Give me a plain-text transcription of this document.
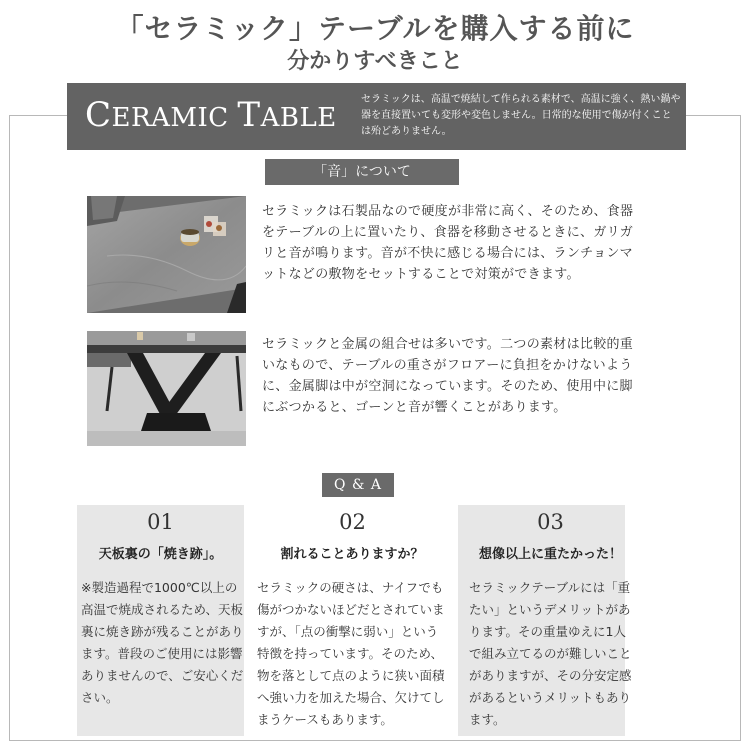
「セラミック」テーブルを購入する前に
分かりすべきこと
CERAMIC TABLE
セラミックは、高温で焼結して作られる素材で、高温に強く、熱い鍋や器を直接置いても変形や変色しません。日常的な使用で傷が付くことは殆どありません。
「音」について
セラミックは石製品なので硬度が非常に高く、そのため、食器をテーブルの上に置いたり、食器を移動させるときに、ガリガリと音が鳴ります。音が不快に感じる場合には、ランチョンマットなどの敷物をセットすることで対策ができます。
セラミックと金属の組合せは多いです。二つの素材は比較的重いなもので、テーブルの重さがフロアーに負担をかけないように、金属脚は中が空洞になっています。そのため、使用中に脚にぶつかると、ゴーンと音が響くことがあります。
Q & A
01
天板裏の「焼き跡」。
※製造過程で1000℃以上の高温で焼成されるため、天板裏に焼き跡が残ることがあります。普段のご使用には影響ありませんので、ご安心ください。
02
割れることありますか？
セラミックの硬さは、ナイフでも傷がつかないほどだとされていますが、「点の衝撃に弱い」という特徴を持っています。そのため、物を落として点のように狭い面積へ強い力を加えた場合、欠けてしまうケースもあります。
03
想像以上に重たかった！
セラミックテーブルには「重たい」というデメリットがあります。その重量ゆえに1人で組み立てるのが難しいことがありますが、その分安定感があるというメリットもあります。
